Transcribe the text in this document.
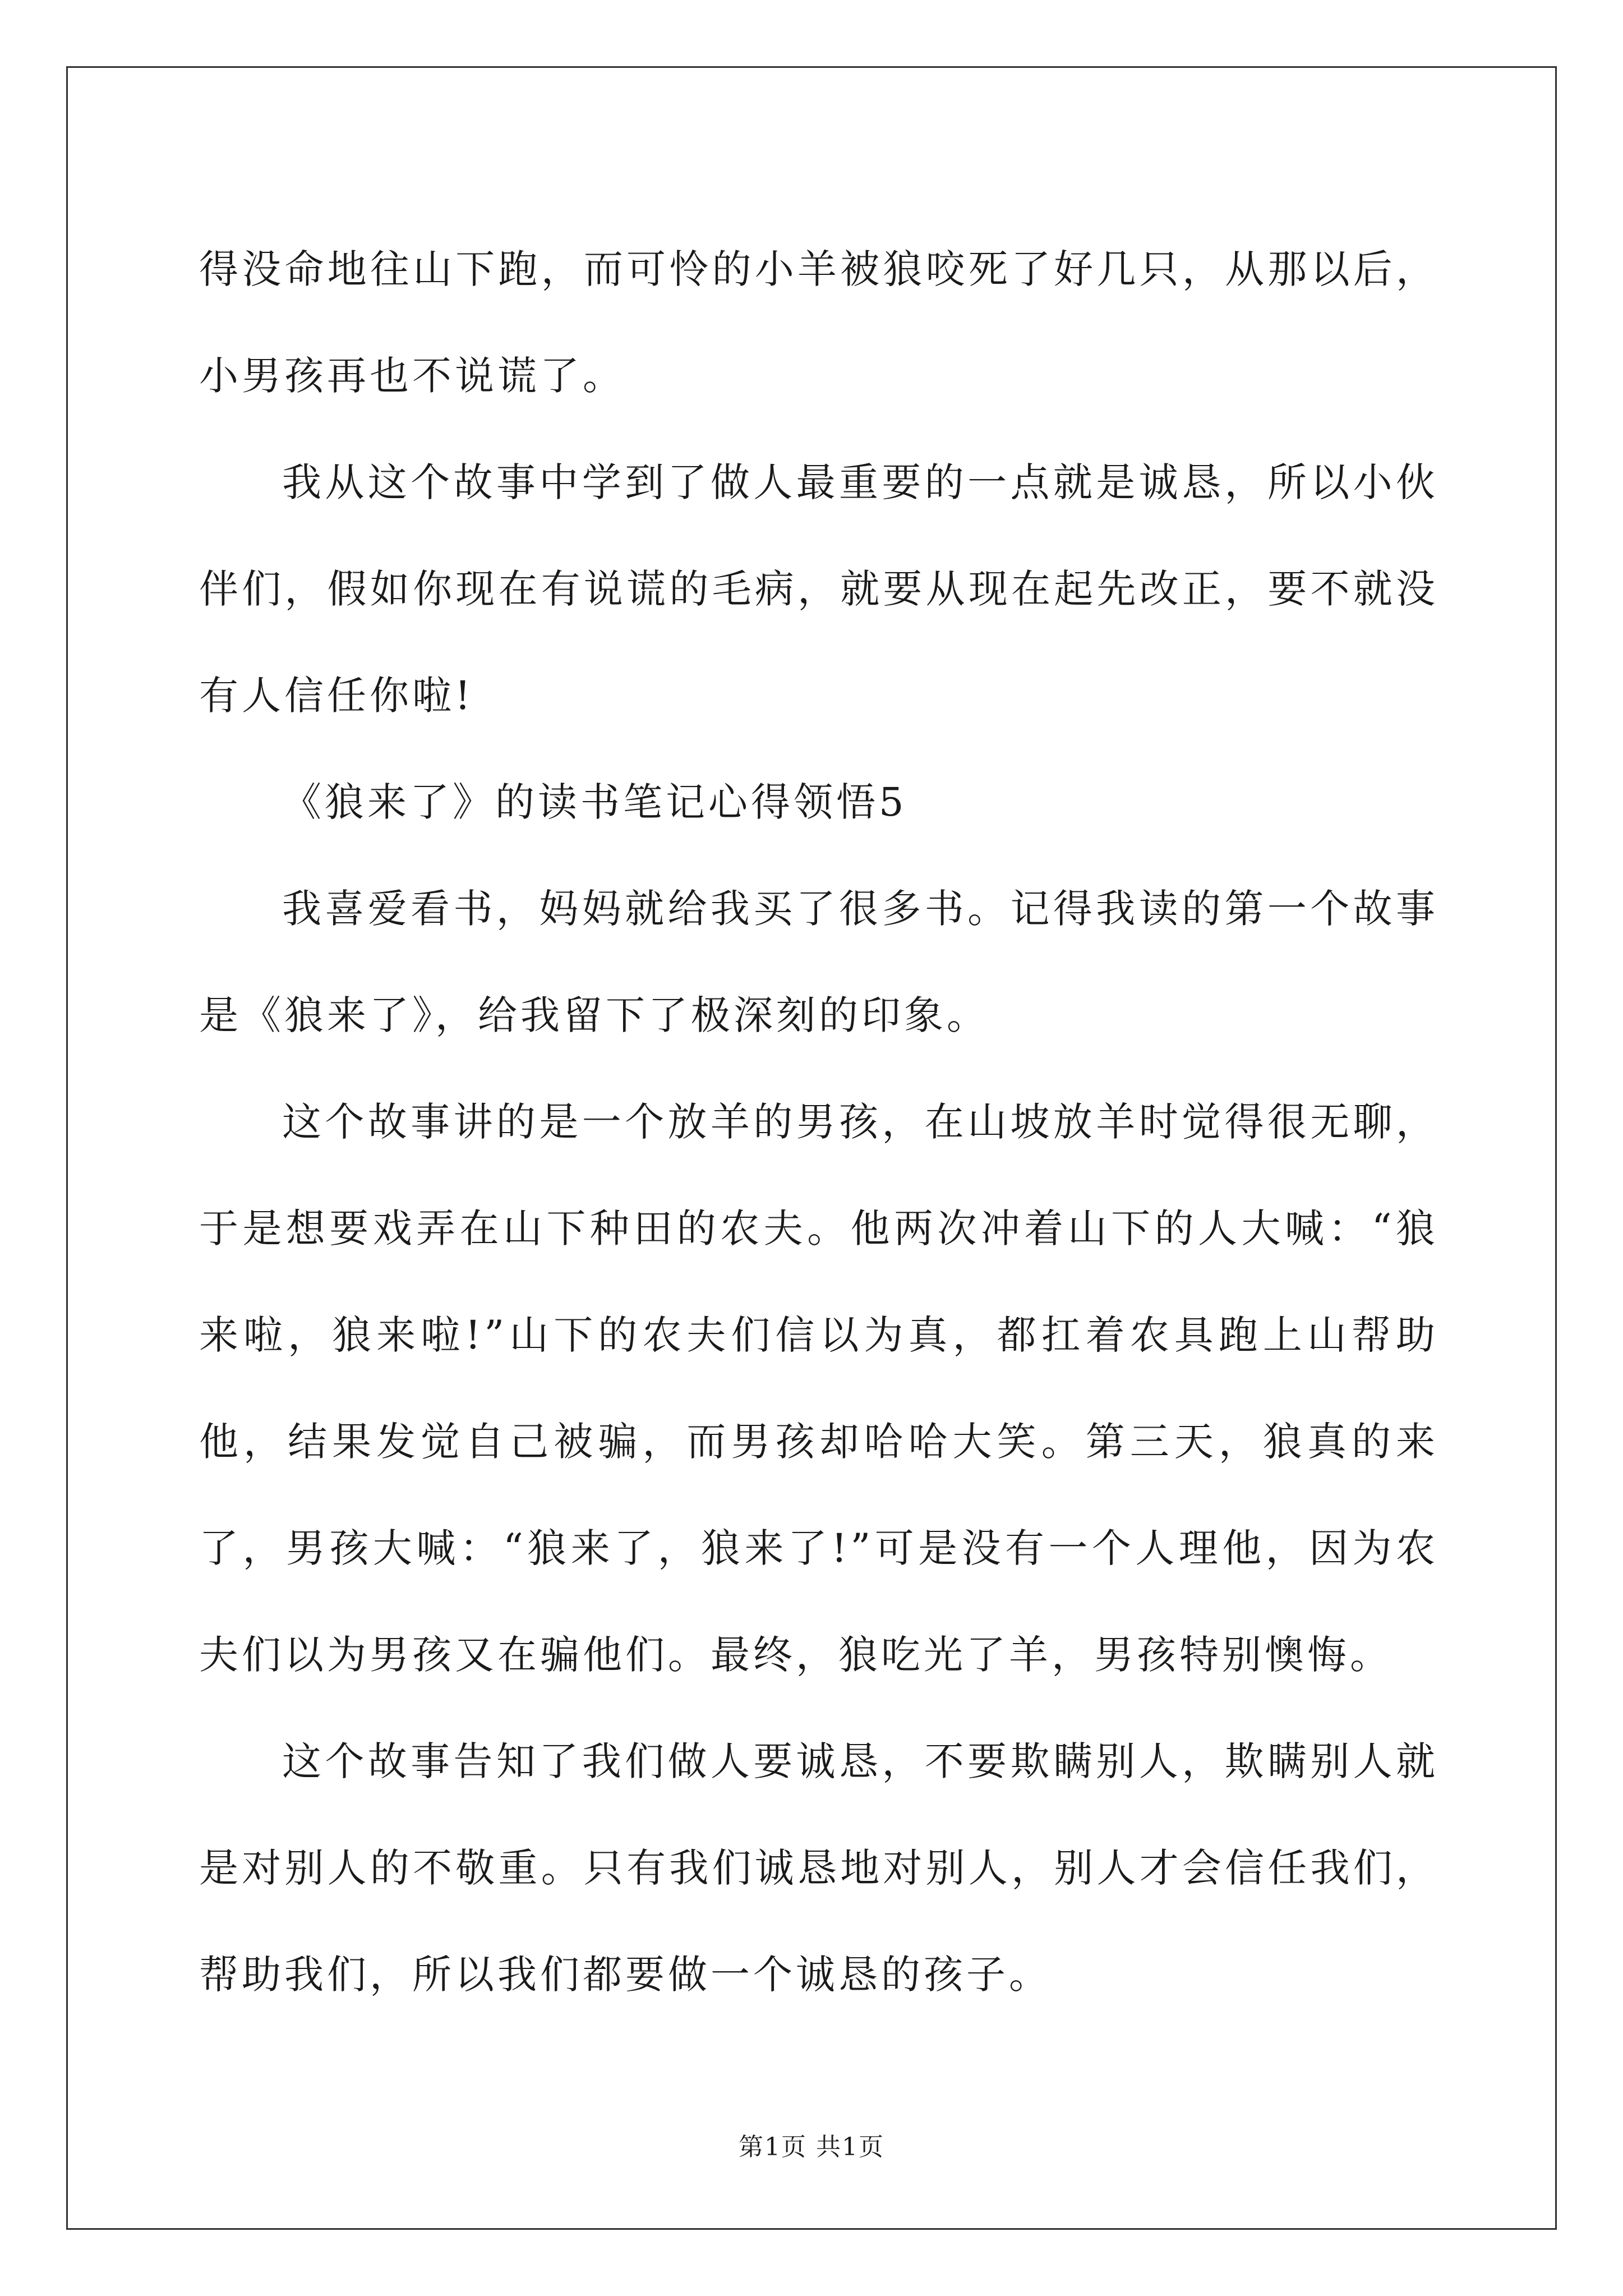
得没命地往山下跑，而可怜的小羊被狼咬死了好几只，从那以后，小男孩再也不说谎了。

我从这个故事中学到了做人最重要的一点就是诚恳，所以小伙伴们，假如你现在有说谎的毛病，就要从现在起先改正，要不就没有人信任你啦!

《狼来了》的读书笔记心得领悟5

我喜爱看书，妈妈就给我买了很多书。记得我读的第一个故事是《狼来了》，给我留下了极深刻的印象。

这个故事讲的是一个放羊的男孩，在山坡放羊时觉得很无聊，于是想要戏弄在山下种田的农夫。他两次冲着山下的人大喊：“狼来啦，狼来啦!”山下的农夫们信以为真，都扛着农具跑上山帮助他，结果发觉自己被骗，而男孩却哈哈大笑。第三天，狼真的来了，男孩大喊：“狼来了，狼来了!”可是没有一个人理他，因为农夫们以为男孩又在骗他们。最终，狼吃光了羊，男孩特别懊悔。

这个故事告知了我们做人要诚恳，不要欺瞒别人，欺瞒别人就是对别人的不敬重。只有我们诚恳地对别人，别人才会信任我们，帮助我们，所以我们都要做一个诚恳的孩子。

第1页 共1页
